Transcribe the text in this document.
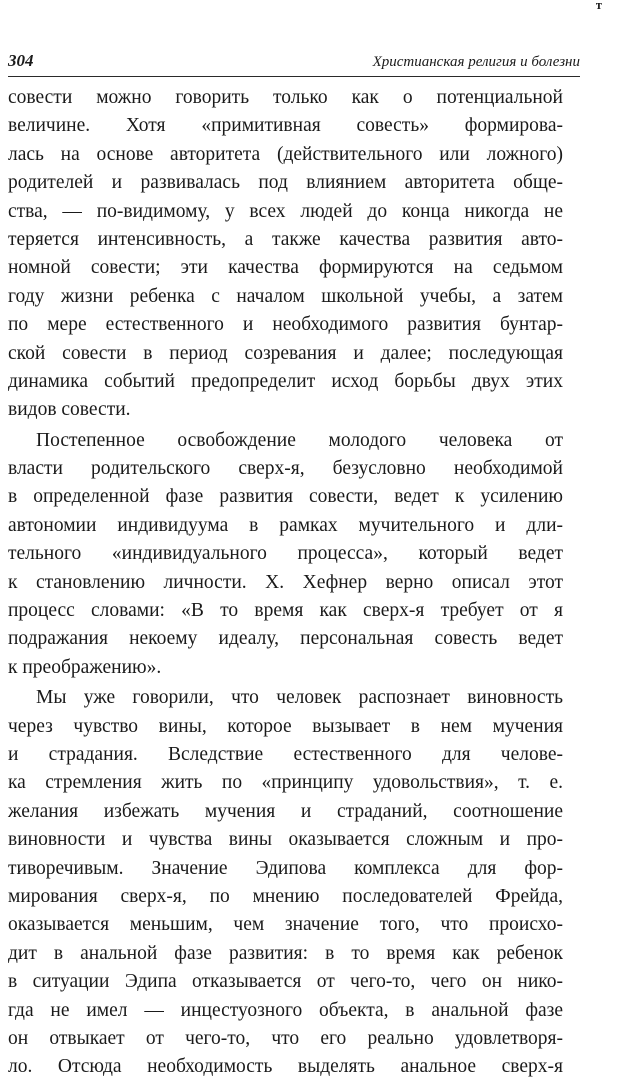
ᵀ
304	Христианская религия и болезни
совести можно говорить только как о потенциальной
величине. Хотя «примитивная совесть» формирова-
лась на основе авторитета (действительного или ложного)
родителей и развивалась под влиянием авторитета обще-
ства, — по-видимому, у всех людей до конца никогда не
теряется интенсивность, а также качества развития авто-
номной совести; эти качества формируются на седьмом
году жизни ребенка с началом школьной учебы, а затем
по мере естественного и необходимого развития бунтар-
ской совести в период созревания и далее; последующая
динамика событий предопределит исход борьбы двух этих
видов совести.
Постепенное освобождение молодого человека от
власти родительского сверх-я, безусловно необходимой
в определенной фазе развития совести, ведет к усилению
автономии индивидуума в рамках мучительного и дли-
тельного «индивидуального процесса», который ведет
к становлению личности. X. Хефнер верно описал этот
процесс словами: «В то время как сверх-я требует от я
подражания некоему идеалу, персональная совесть ведет
к преображению».
Мы уже говорили, что человек распознает виновность
через чувство вины, которое вызывает в нем мучения
и страдания. Вследствие естественного для челове-
ка стремления жить по «принципу удовольствия», т. е.
желания избежать мучения и страданий, соотношение
виновности и чувства вины оказывается сложным и про-
тиворечивым. Значение Эдипова комплекса для фор-
мирования сверх-я, по мнению последователей Фрейда,
оказывается меньшим, чем значение того, что происхо-
дит в анальной фазе развития: в то время как ребенок
в ситуации Эдипа отказывается от чего-то, чего он нико-
гда не имел — инцестуозного объекта, в анальной фазе
он отвыкает от чего-то, что его реально удовлетворя-
ло. Отсюда необходимость выделять анальное сверх-я
